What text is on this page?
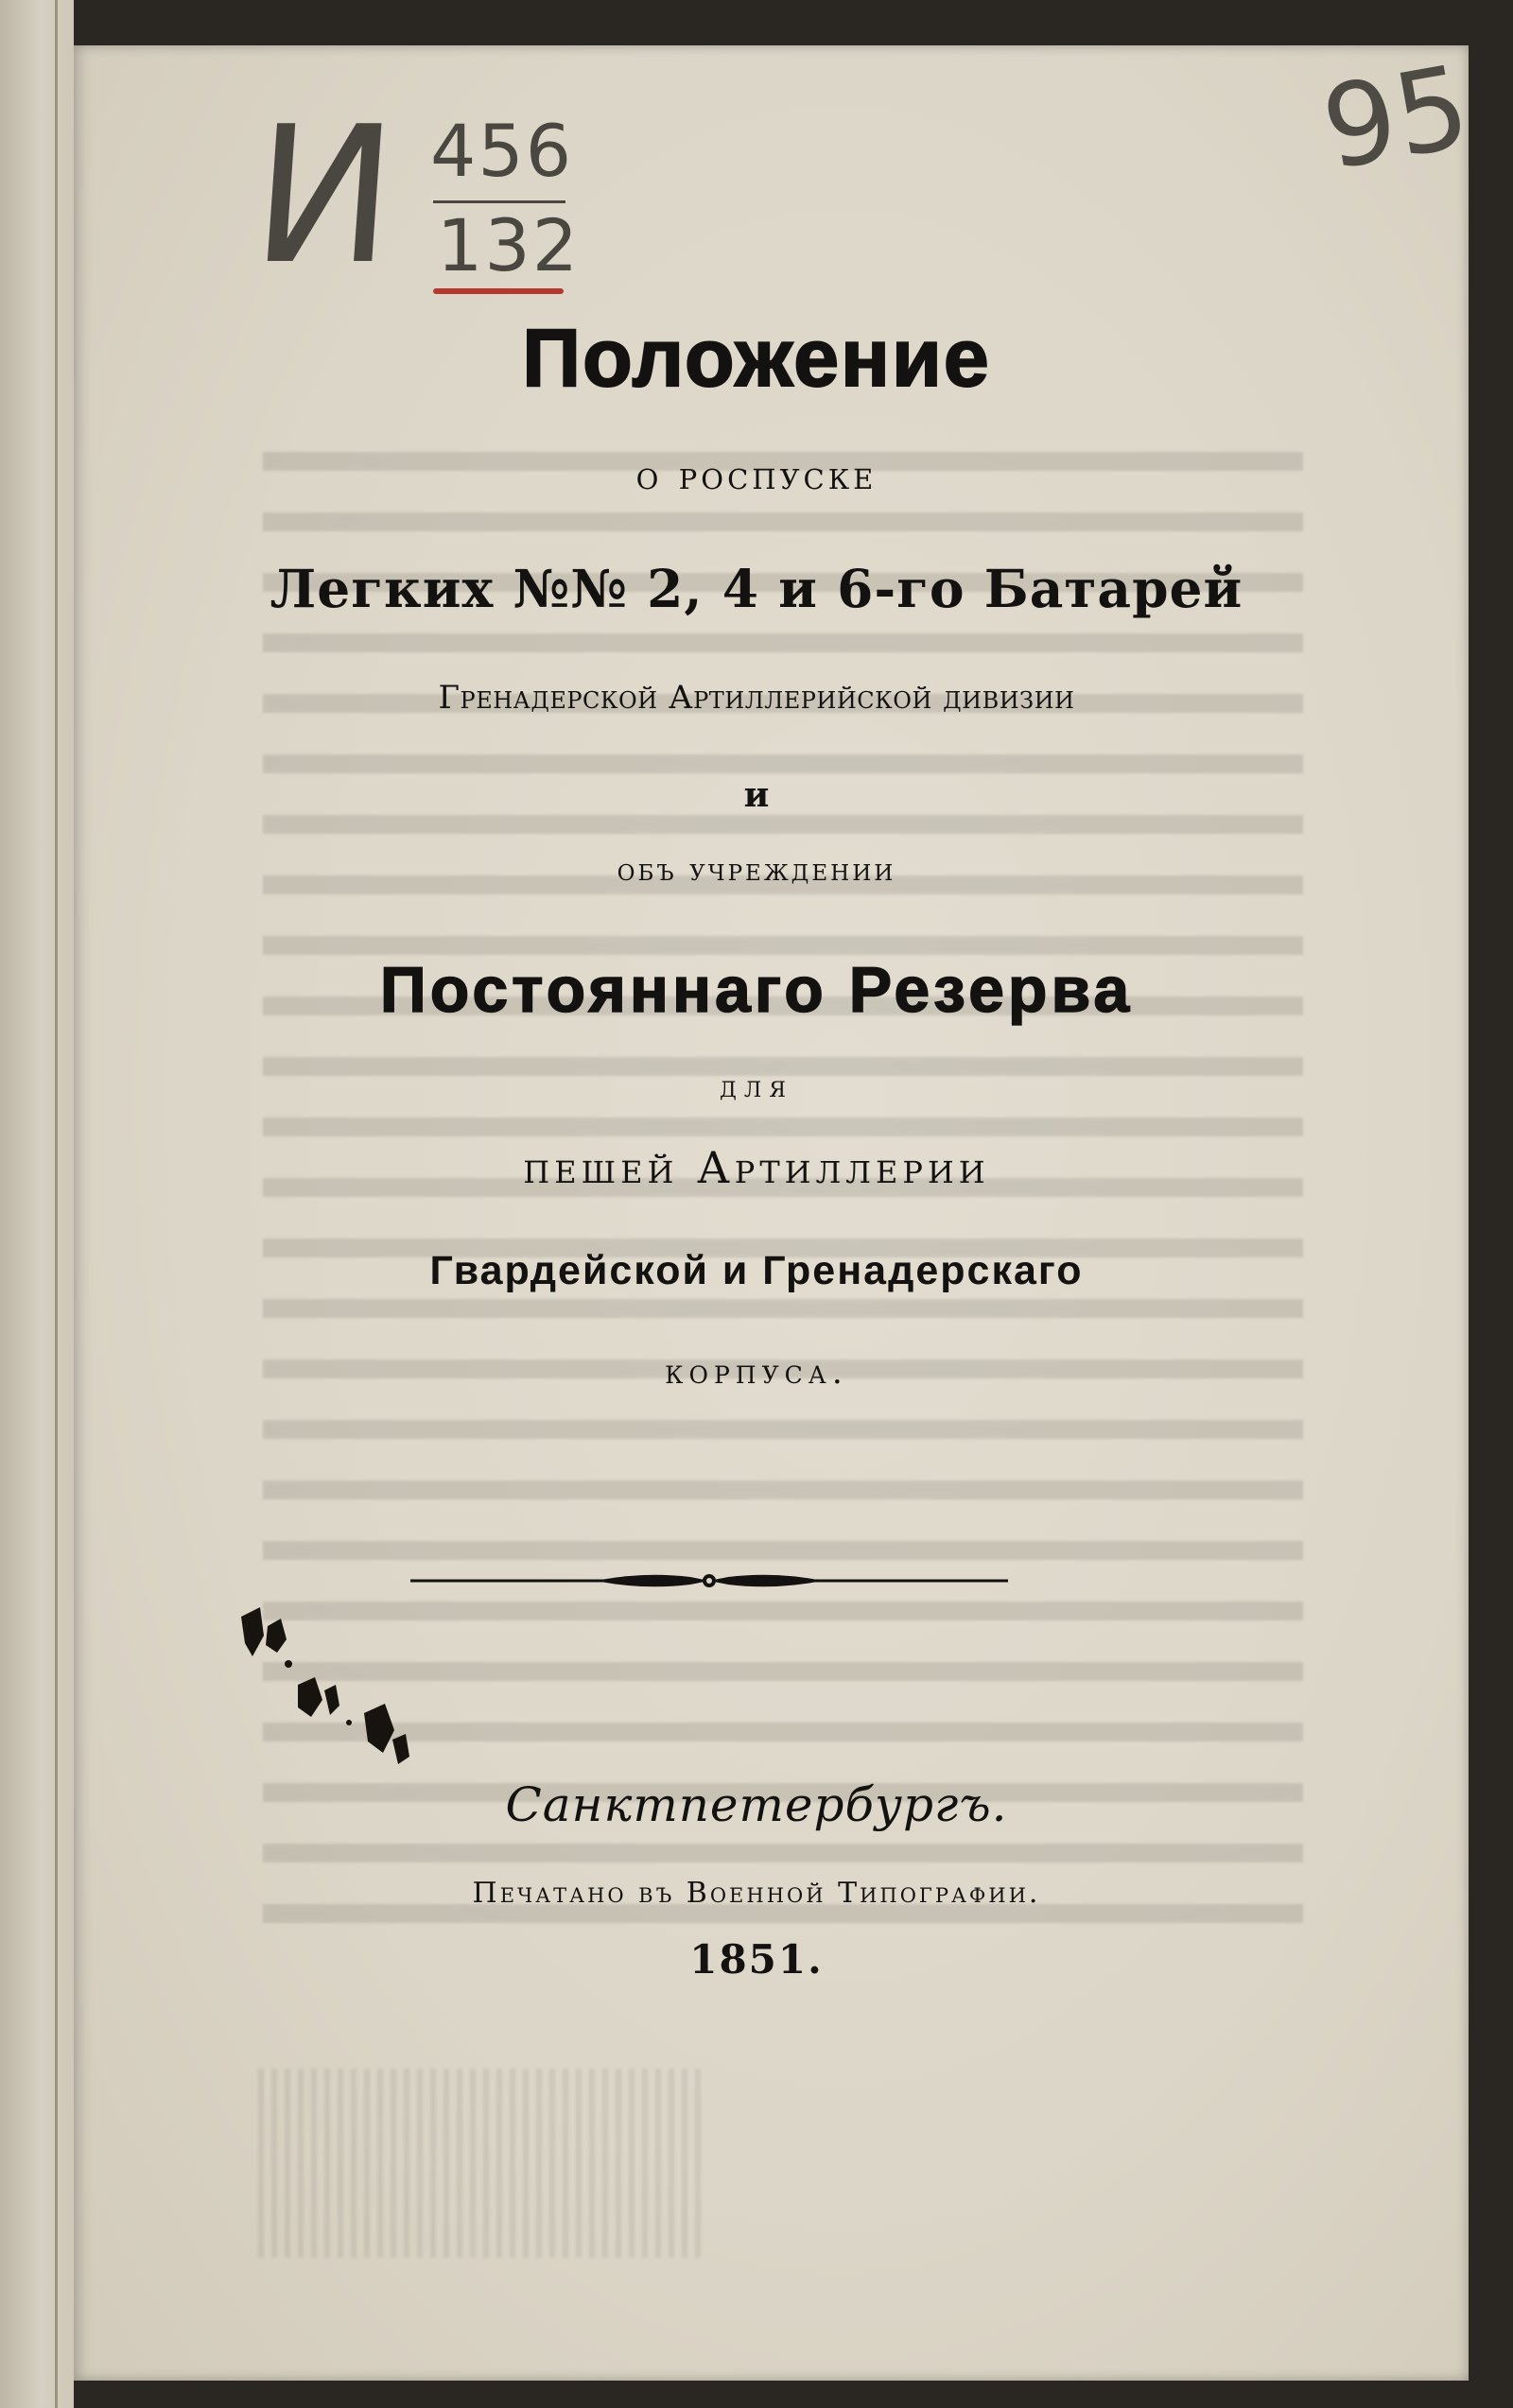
И 456
132
95
Положение
о роспуске
Легких №№ 2, 4 и 6-го Батарей
Гренадерской Артиллерийской дивизии
и
объ учреждении
Постояннаго Резерва
для
пешей Артиллерии
Гвардейской и Гренадерскаго
корпуса.
Санктпетербургъ.
Печатано въ Военной Типографии.
1851.
